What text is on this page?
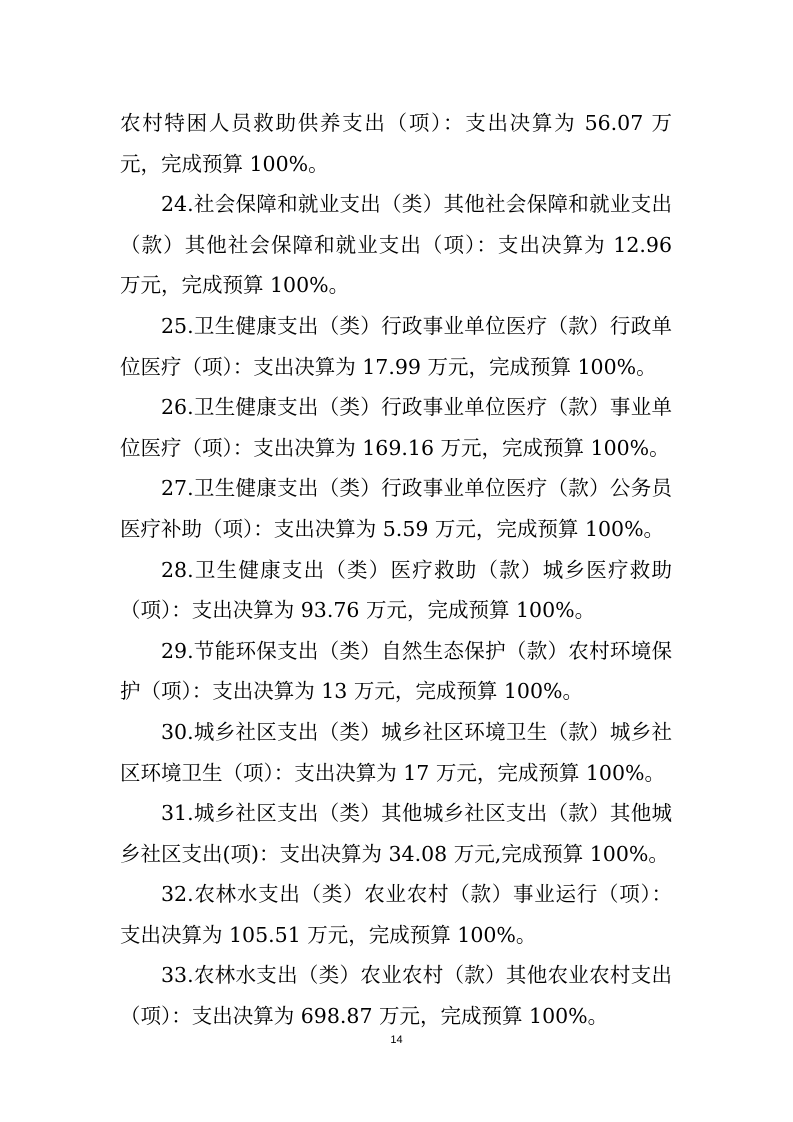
农村特困人员救助供养支出（项）：支出决算为 56.07 万元，完成预算 100%。

24.社会保障和就业支出（类）其他社会保障和就业支出（款）其他社会保障和就业支出（项）：支出决算为 12.96 万元，完成预算 100%。

25.卫生健康支出（类）行政事业单位医疗（款）行政单位医疗（项）：支出决算为 17.99 万元，完成预算 100%。

26.卫生健康支出（类）行政事业单位医疗（款）事业单位医疗（项）：支出决算为 169.16 万元，完成预算 100%。

27.卫生健康支出（类）行政事业单位医疗（款）公务员医疗补助（项）：支出决算为 5.59 万元，完成预算 100%。

28.卫生健康支出（类）医疗救助（款）城乡医疗救助（项）：支出决算为 93.76 万元，完成预算 100%。

29.节能环保支出（类）自然生态保护（款）农村环境保护（项）：支出决算为 13 万元，完成预算 100%。

30.城乡社区支出（类）城乡社区环境卫生（款）城乡社区环境卫生（项）：支出决算为 17 万元，完成预算 100%。

31.城乡社区支出（类）其他城乡社区支出（款）其他城乡社区支出(项)：支出决算为 34.08 万元,完成预算 100%。

32.农林水支出（类）农业农村（款）事业运行（项）：支出决算为 105.51 万元，完成预算 100%。

33.农林水支出（类）农业农村（款）其他农业农村支出（项）：支出决算为 698.87 万元，完成预算 100%。

14
